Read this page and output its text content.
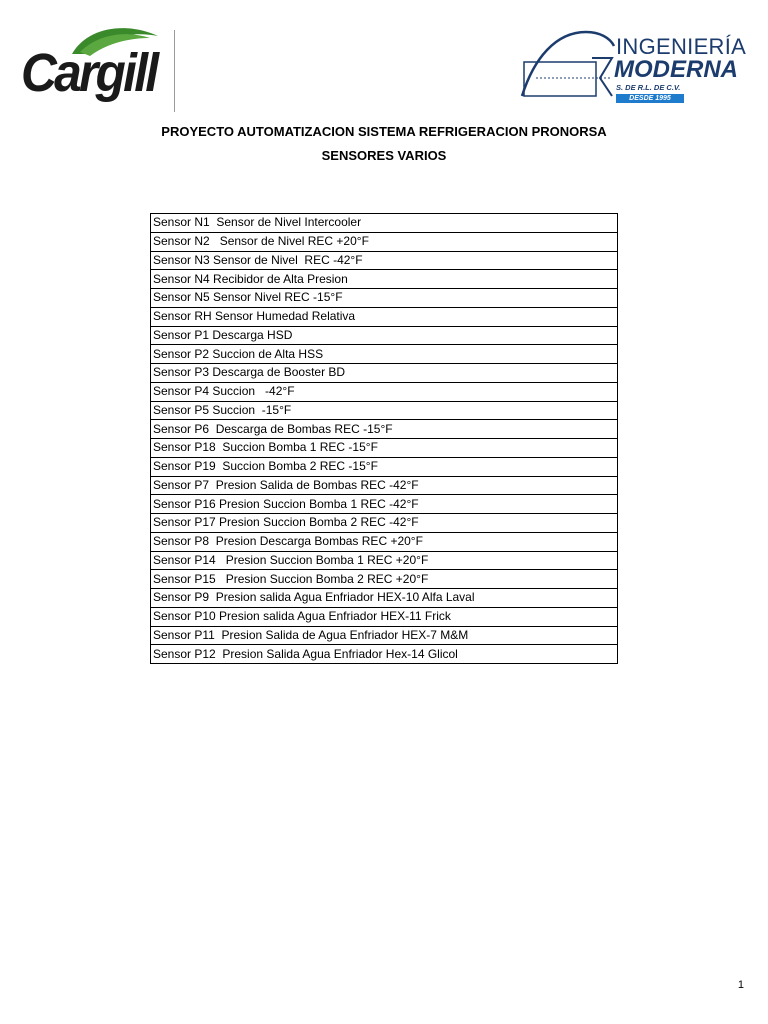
Cargill	INGENIERÍA
MODERNA
S. DE R.L. DE C.V.
DESDE 1995
PROYECTO AUTOMATIZACION SISTEMA REFRIGERACION PRONORSA
SENSORES VARIOS
Sensor N1  Sensor de Nivel Intercooler
Sensor N2   Sensor de Nivel REC +20°F
Sensor N3 Sensor de Nivel  REC -42°F
Sensor N4 Recibidor de Alta Presion
Sensor N5 Sensor Nivel REC -15°F
Sensor RH Sensor Humedad Relativa
Sensor P1 Descarga HSD
Sensor P2 Succion de Alta HSS
Sensor P3 Descarga de Booster BD
Sensor P4 Succion   -42°F
Sensor P5 Succion  -15°F
Sensor P6  Descarga de Bombas REC -15°F
Sensor P18  Succion Bomba 1 REC -15°F
Sensor P19  Succion Bomba 2 REC -15°F
Sensor P7  Presion Salida de Bombas REC -42°F
Sensor P16 Presion Succion Bomba 1 REC -42°F
Sensor P17 Presion Succion Bomba 2 REC -42°F
Sensor P8  Presion Descarga Bombas REC +20°F
Sensor P14   Presion Succion Bomba 1 REC +20°F
Sensor P15   Presion Succion Bomba 2 REC +20°F
Sensor P9  Presion salida Agua Enfriador HEX-10 Alfa Laval
Sensor P10 Presion salida Agua Enfriador HEX-11 Frick
Sensor P11  Presion Salida de Agua Enfriador HEX-7 M&M
Sensor P12  Presion Salida Agua Enfriador Hex-14 Glicol
1
